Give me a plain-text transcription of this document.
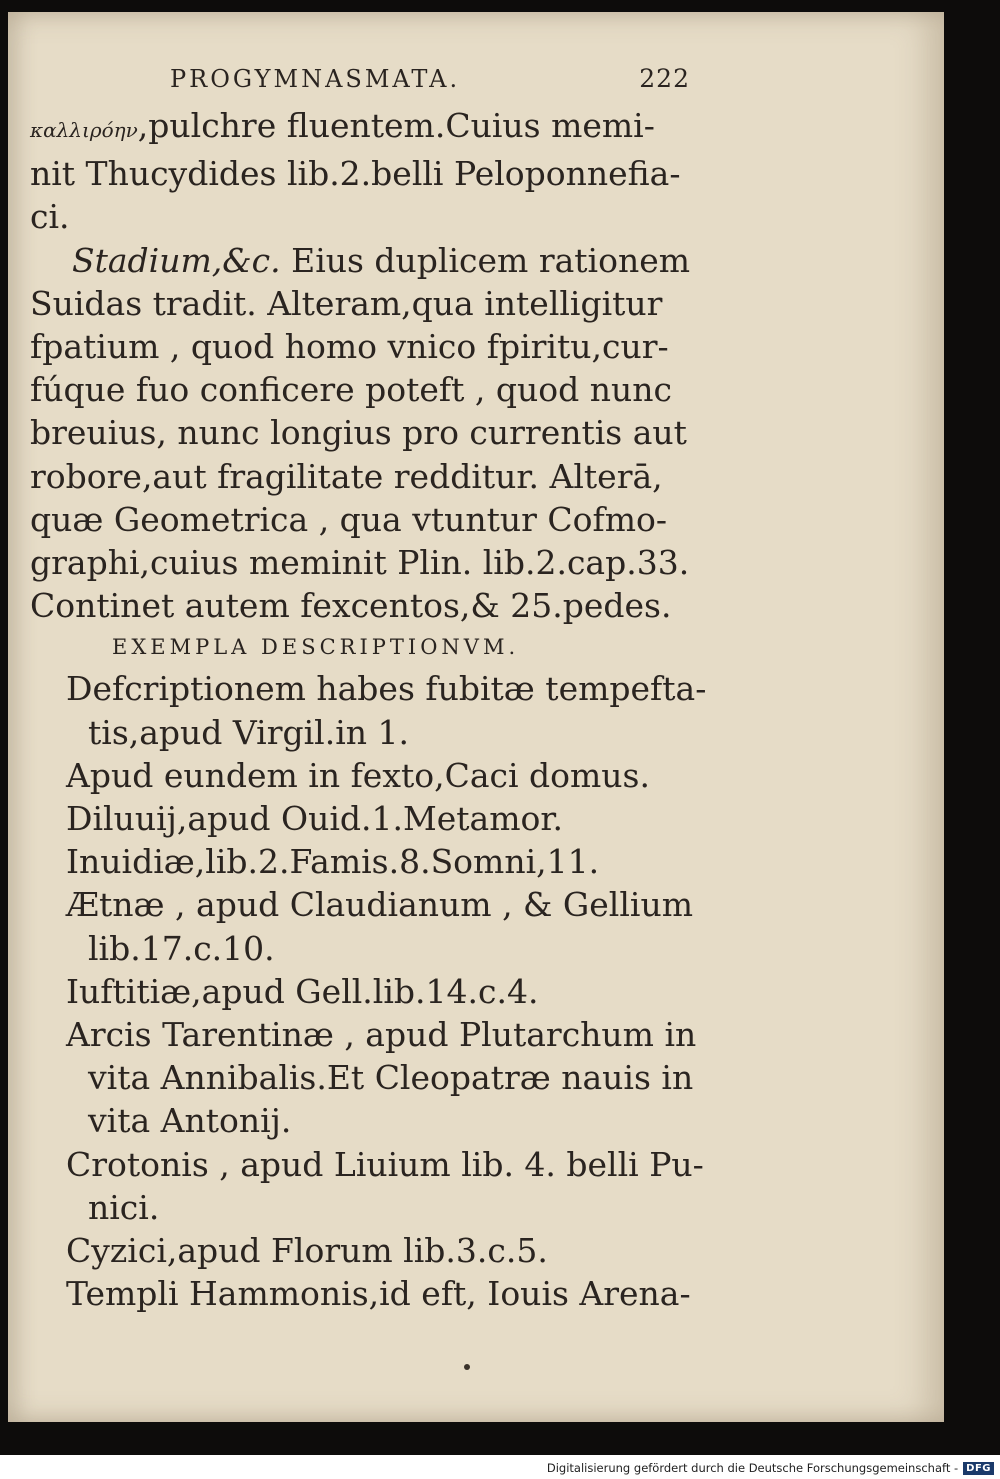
PROGYMNASMATA.	222
καλλιρόην,pulchre fluentem.Cuius memi-
nit Thucydides lib.2.belli Peloponnefia-
ci.
Stadium,&c. Eius duplicem rationem
Suidas tradit. Alteram,qua intelligitur
fpatium , quod homo vnico fpiritu,cur-
fúque fuo conficere poteft , quod nunc
breuius, nunc longius pro currentis aut
robore,aut fragilitate redditur. Alterā,
quæ Geometrica , qua vtuntur Cofmo-
graphi,cuius meminit Plin. lib.2.cap.33.
Continet autem fexcentos,& 25.pedes.
EXEMPLA DESCRIPTIONVM.
Defcriptionem habes fubitæ tempefta-
tis,apud Virgil.in 1.
Apud eundem in fexto,Caci domus.
Diluuij,apud Ouid.1.Metamor.
Inuidiæ,lib.2.Famis.8.Somni,11.
Ætnæ , apud Claudianum , & Gellium
lib.17.c.10.
Iuftitiæ,apud Gell.lib.14.c.4.
Arcis Tarentinæ , apud Plutarchum in
vita Annibalis.Et Cleopatræ nauis in
vita Antonij.
Crotonis , apud Liuium lib. 4. belli Pu-
nici.
Cyzici,apud Florum lib.3.c.5.
Templi Hammonis,id eft, Iouis Arena-
Digitalisierung gefördert durch die Deutsche Forschungsgemeinschaft - DFG
